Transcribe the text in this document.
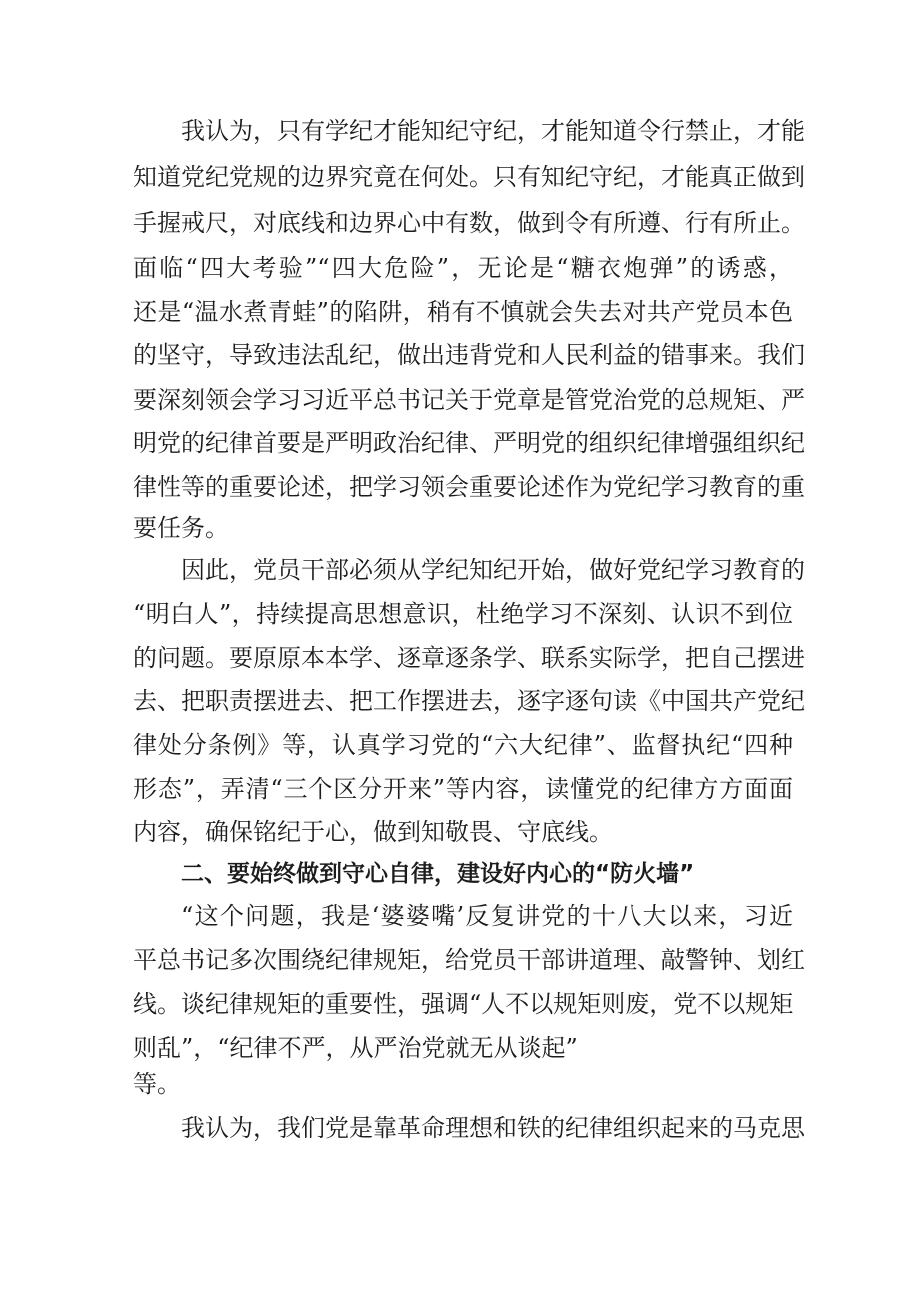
我认为，只有学纪才能知纪守纪，才能知道令行禁止，才能
知道党纪党规的边界究竟在何处。只有知纪守纪，才能真正做到
手握戒尺，对底线和边界心中有数，做到令有所遵、行有所止。
面临“四大考验”“四大危险”，无论是“糖衣炮弹”的诱惑，
还是“温水煮青蛙”的陷阱，稍有不慎就会失去对共产党员本色
的坚守，导致违法乱纪，做出违背党和人民利益的错事来。我们
要深刻领会学习习近平总书记关于党章是管党治党的总规矩、严
明党的纪律首要是严明政治纪律、严明党的组织纪律增强组织纪
律性等的重要论述，把学习领会重要论述作为党纪学习教育的重
要任务。
因此，党员干部必须从学纪知纪开始，做好党纪学习教育的
“明白人”，持续提高思想意识，杜绝学习不深刻、认识不到位
的问题。要原原本本学、逐章逐条学、联系实际学，把自己摆进
去、把职责摆进去、把工作摆进去，逐字逐句读《中国共产党纪
律处分条例》等，认真学习党的“六大纪律”、监督执纪“四种
形态”，弄清“三个区分开来”等内容，读懂党的纪律方方面面
内容，确保铭纪于心，做到知敬畏、守底线。
二、要始终做到守心自律，建设好内心的“防火墙”
“这个问题，我是‘婆婆嘴’反复讲党的十八大以来，习近
平总书记多次围绕纪律规矩，给党员干部讲道理、敲警钟、划红
线。谈纪律规矩的重要性，强调“人不以规矩则废，党不以规矩
则乱”，“纪律不严，从严治党就无从谈起”
等。
我认为，我们党是靠革命理想和铁的纪律组织起来的马克思
